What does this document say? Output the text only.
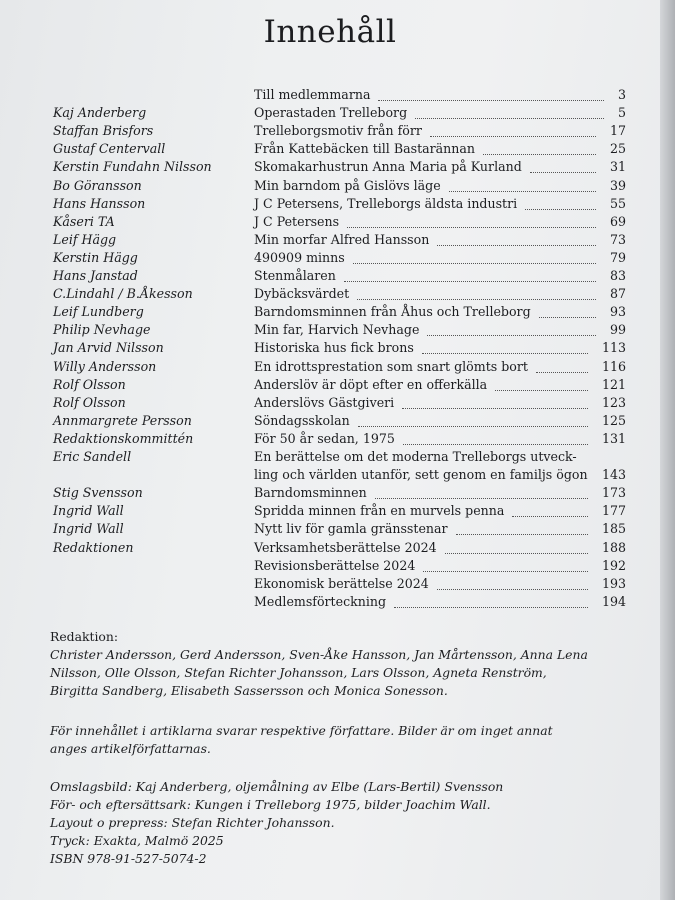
Innehåll
Till medlemmarna	3
Kaj Anderberg	Operastaden Trelleborg	5
Staffan Brisfors	Trelleborgsmotiv från förr	17
Gustaf Centervall	Från Kattebäcken till Bastarännan	25
Kerstin Fundahn Nilsson	Skomakarhustrun Anna Maria på Kurland	31
Bo Göransson	Min barndom på Gislövs läge	39
Hans Hansson	J C Petersens, Trelleborgs äldsta industri	55
Kåseri TA	J C Petersens	69
Leif Hägg	Min morfar Alfred Hansson	73
Kerstin Hägg	490909 minns	79
Hans Janstad	Stenmålaren	83
C.Lindahl / B.Åkesson	Dybäcksvärdet	87
Leif Lundberg	Barndomsminnen från Åhus och Trelleborg	93
Philip Nevhage	Min far, Harvich Nevhage	99
Jan Arvid Nilsson	Historiska hus fick brons	113
Willy Andersson	En idrottsprestation som snart glömts bort	116
Rolf Olsson	Anderslöv är döpt efter en offerkälla	121
Rolf Olsson	Anderslövs Gästgiveri	123
Annmargrete Persson	Söndagsskolan	125
Redaktionskommittén	För 50 år sedan, 1975	131
Eric Sandell	En berättelse om det moderna Trelleborgs utveck-
ling och världen utanför, sett genom en familjs ögon 143
Stig Svensson	Barndomsminnen	173
Ingrid Wall	Spridda minnen från en murvels penna	177
Ingrid Wall	Nytt liv för gamla gränsstenar	185
Redaktionen	Verksamhetsberättelse 2024	188
Revisionsberättelse 2024	192
Ekonomisk berättelse 2024	193
Medlemsförteckning	194
Redaktion:
Christer Andersson, Gerd Andersson, Sven-Åke Hansson, Jan Mårtensson, Anna Lena
Nilsson, Olle Olsson, Stefan Richter Johansson, Lars Olsson, Agneta Renström,
Birgitta Sandberg, Elisabeth Sassersson och Monica Sonesson.
För innehållet i artiklarna svarar respektive författare. Bilder är om inget annat
anges artikelförfattarnas.
Omslagsbild: Kaj Anderberg, oljemålning av Elbe (Lars-Bertil) Svensson
För- och eftersättsark: Kungen i Trelleborg 1975, bilder Joachim Wall.
Layout o prepress: Stefan Richter Johansson.
Tryck: Exakta, Malmö 2025
ISBN 978-91-527-5074-2
